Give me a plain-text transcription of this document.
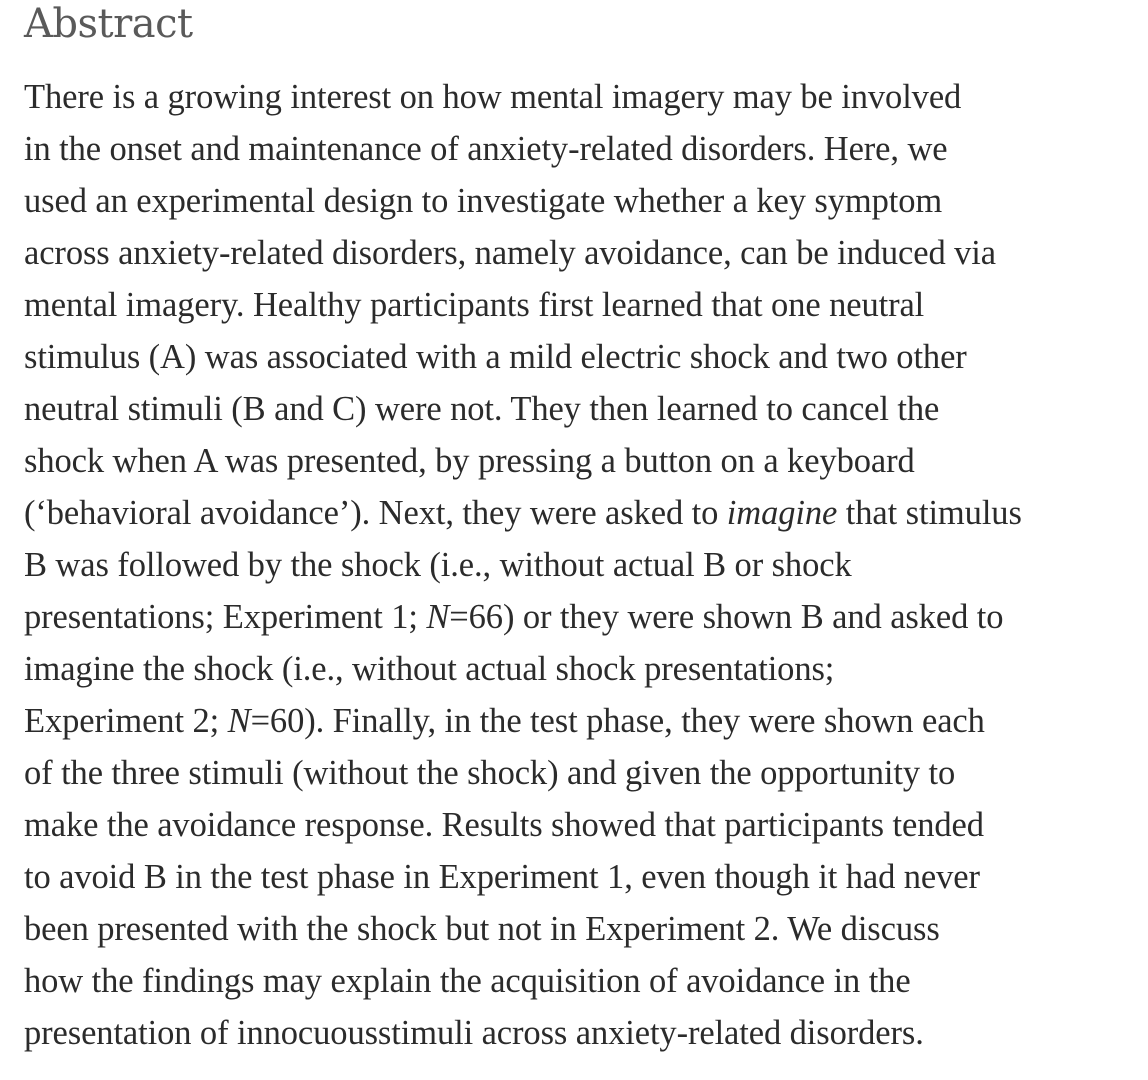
Abstract
There is a growing interest on how mental imagery may be involved
in the onset and maintenance of anxiety-related disorders. Here, we
used an experimental design to investigate whether a key symptom
across anxiety-related disorders, namely avoidance, can be induced via
mental imagery. Healthy participants first learned that one neutral
stimulus (A) was associated with a mild electric shock and two other
neutral stimuli (B and C) were not. They then learned to cancel the
shock when A was presented, by pressing a button on a keyboard
(‘behavioral avoidance’). Next, they were asked to imagine that stimulus
B was followed by the shock (i.e., without actual B or shock
presentations; Experiment 1; N=66) or they were shown B and asked to
imagine the shock (i.e., without actual shock presentations;
Experiment 2; N=60). Finally, in the test phase, they were shown each
of the three stimuli (without the shock) and given the opportunity to
make the avoidance response. Results showed that participants tended
to avoid B in the test phase in Experiment 1, even though it had never
been presented with the shock but not in Experiment 2. We discuss
how the findings may explain the acquisition of avoidance in the
presentation of innocuousstimuli across anxiety-related disorders.
